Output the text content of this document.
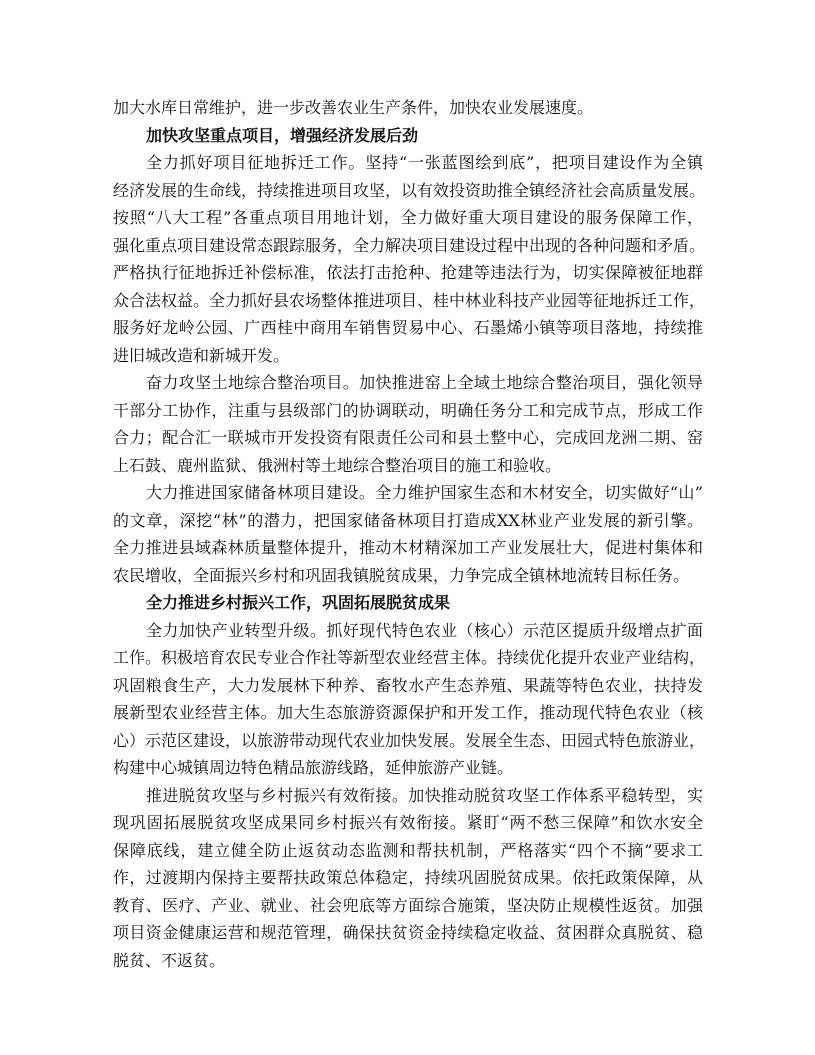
加大水库日常维护，进一步改善农业生产条件，加快农业发展速度。
加快攻坚重点项目，增强经济发展后劲
全力抓好项目征地拆迁工作。坚持“一张蓝图绘到底”，把项目建设作为全镇
经济发展的生命线，持续推进项目攻坚，以有效投资助推全镇经济社会高质量发展。
按照“八大工程”各重点项目用地计划，全力做好重大项目建设的服务保障工作，
强化重点项目建设常态跟踪服务，全力解决项目建设过程中出现的各种问题和矛盾。
严格执行征地拆迁补偿标准，依法打击抢种、抢建等违法行为，切实保障被征地群
众合法权益。全力抓好县农场整体推进项目、桂中林业科技产业园等征地拆迁工作，
服务好龙岭公园、广西桂中商用车销售贸易中心、石墨烯小镇等项目落地，持续推
进旧城改造和新城开发。
奋力攻坚土地综合整治项目。加快推进窑上全域土地综合整治项目，强化领导
干部分工协作，注重与县级部门的协调联动，明确任务分工和完成节点，形成工作
合力；配合汇一联城市开发投资有限责任公司和县土整中心，完成回龙洲二期、窑
上石鼓、鹿州监狱、俄洲村等土地综合整治项目的施工和验收。
大力推进国家储备林项目建设。全力维护国家生态和木材安全，切实做好“山”
的文章，深挖“林”的潜力，把国家储备林项目打造成XX林业产业发展的新引擎。
全力推进县域森林质量整体提升，推动木材精深加工产业发展壮大，促进村集体和
农民增收，全面振兴乡村和巩固我镇脱贫成果，力争完成全镇林地流转目标任务。
全力推进乡村振兴工作，巩固拓展脱贫成果
全力加快产业转型升级。抓好现代特色农业（核心）示范区提质升级增点扩面
工作。积极培育农民专业合作社等新型农业经营主体。持续优化提升农业产业结构，
巩固粮食生产，大力发展林下种养、畜牧水产生态养殖、果蔬等特色农业，扶持发
展新型农业经营主体。加大生态旅游资源保护和开发工作，推动现代特色农业（核
心）示范区建设，以旅游带动现代农业加快发展。发展全生态、田园式特色旅游业，
构建中心城镇周边特色精品旅游线路，延伸旅游产业链。
推进脱贫攻坚与乡村振兴有效衔接。加快推动脱贫攻坚工作体系平稳转型，实
现巩固拓展脱贫攻坚成果同乡村振兴有效衔接。紧盯“两不愁三保障”和饮水安全
保障底线，建立健全防止返贫动态监测和帮扶机制，严格落实“四个不摘”要求工
作，过渡期内保持主要帮扶政策总体稳定，持续巩固脱贫成果。依托政策保障，从
教育、医疗、产业、就业、社会兜底等方面综合施策，坚决防止规模性返贫。加强
项目资金健康运营和规范管理，确保扶贫资金持续稳定收益、贫困群众真脱贫、稳
脱贫、不返贫。
